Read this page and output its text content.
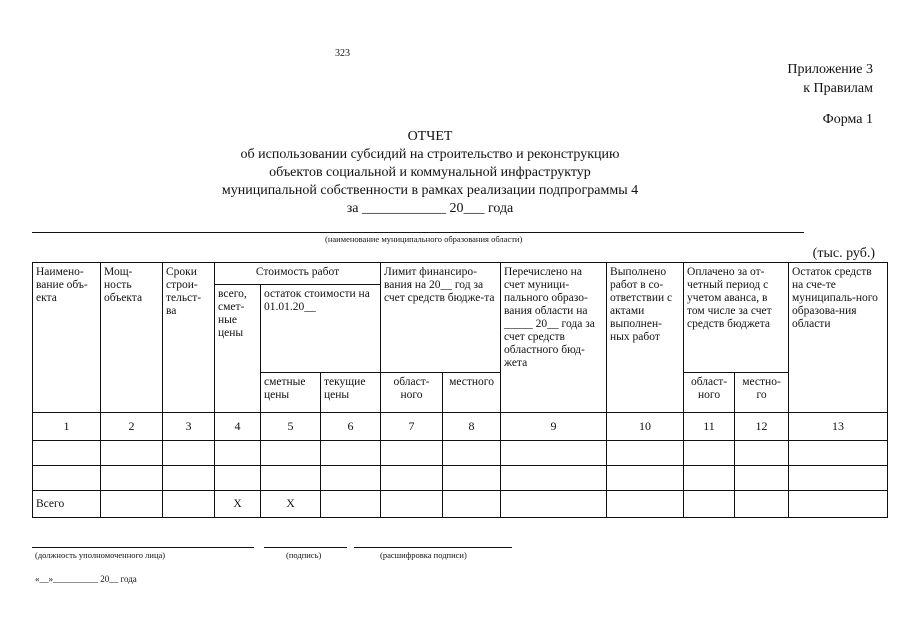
323
Приложение 3
к Правилам
Форма 1
ОТЧЕТ
об использовании субсидий на строительство и реконструкцию
объектов социальной и коммунальной инфраструктур
муниципальной собственности в рамках реализации подпрограммы 4
за ____________ 20___ года
(наименование муниципального образования области)
(тыс. руб.)
Наимено-вание объ-екта	Мощ-ность объекта	Сроки строи-тельст-ва	Стоимость работ			Лимит финансиро-вания на 20__ год за счет средств бюдже-та		Перечислено на счет муници-пального образо-вания области на _____ 20__ года за счет средств областного бюд-жета	Выполнено работ в со-ответствии с актами выполнен-ных работ	Оплачено за от-четный период с учетом аванса, в том числе за счет средств бюджета		Остаток средств на сче-те муниципаль-ного образова-ния области
			всего, смет-ные цены	остаток стоимости на 01.01.20__								
				сметные цены	текущие цены	област-ного	местного			област-ного	местно-го	
1	2	3	4	5	6	7	8	9	10	11	12	13

Всего			X	X								
(должность уполномоченного лица)	(подпись)	(расшифровка подписи)
«__»__________ 20__ года
